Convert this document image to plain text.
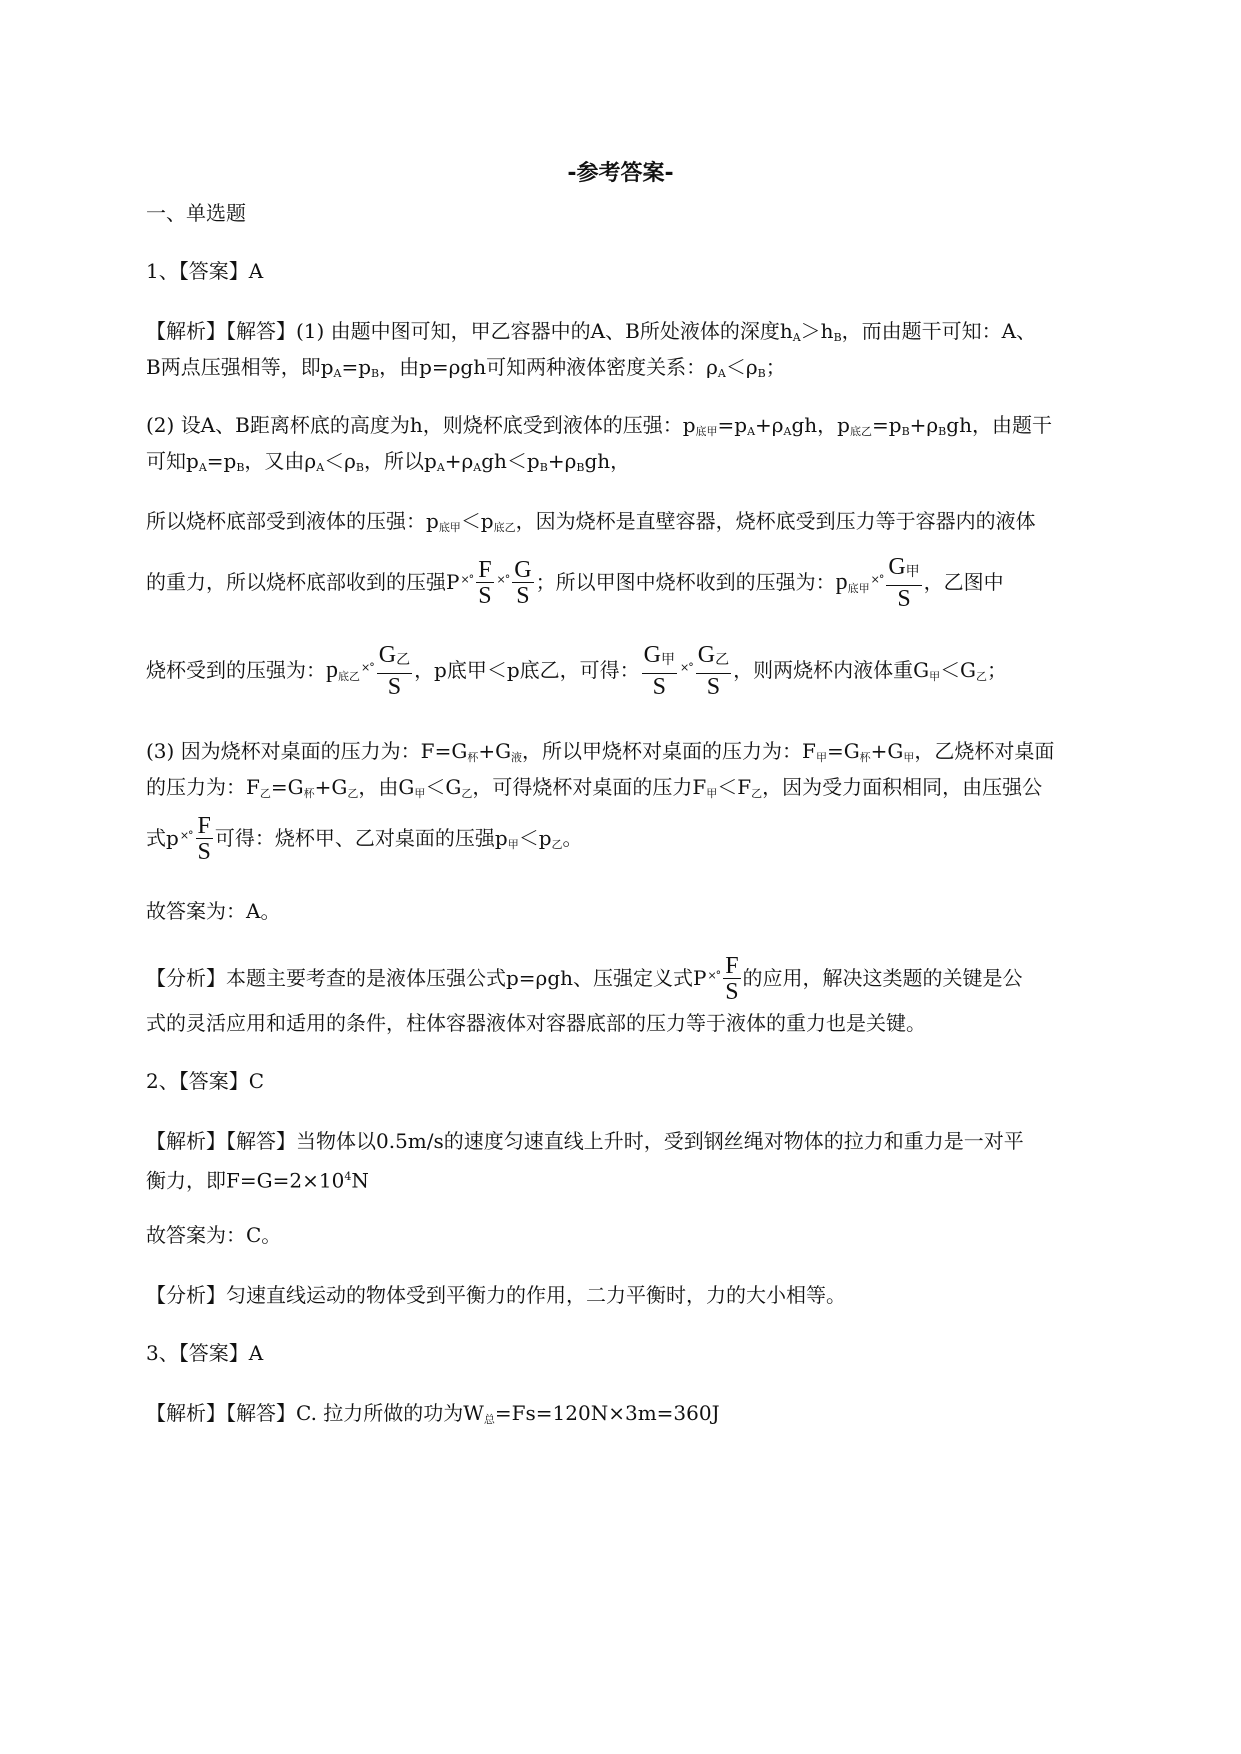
-参考答案-
一、单选题
1、【答案】A
【解析】【解答】(1) 由题中图可知，甲乙容器中的A、B所处液体的深度$h_A>h_B$，而由题干可知：A、
B两点压强相等，即$p_A=p_B$，由p=ρgh可知两种液体密度关系：$\rho_A<\rho_B$；
(2) 设A、B距离杯底的高度为h，则烧杯底受到液体的压强：$p_{底甲}=p_A+\rho_Agh$，$p_{底乙}=p_B+\rho_Bgh$，由题干
可知$p_A=p_B$，又由$\rho_A<\rho_B$，所以$p_A+\rho_Agh<p_B+\rho_Bgh$，
所以烧杯底部受到液体的压强：$p_{底甲}<p_{底乙}$，因为烧杯是直壁容器，烧杯底受到压力等于容器内的液体
的重力，所以烧杯底部收到的压强$P\times^\circ \frac{F}{S}$ ×° $\frac{G}{S}$ ；所以甲图中烧杯收到的压强为：$p_{底甲}\times^\circ \frac{G_甲}{S}$ ，乙图中
烧杯受到的压强为：$p_{底乙}\times^\circ \frac{G_乙}{S}$ ，p底甲＜p底乙，可得： $\frac{G_甲}{S}$ ×° $\frac{G_乙}{S}$ ，则两烧杯内液体重$G_甲<G_乙$；
(3) 因为烧杯对桌面的压力为：$F=G_杯+G_液$，所以甲烧杯对桌面的压力为：$F_甲=G_杯+G_甲$，乙烧杯对桌面
的压力为：$F_乙=G_杯+G_乙$，由$G_甲<G_乙$，可得烧杯对桌面的压力$F_甲<F_乙$，因为受力面积相同，由压强公
式$p\times^\circ \frac{F}{S}$ 可得：烧杯甲、乙对桌面的压强$p_甲<p_乙$。
故答案为：A。
【分析】本题主要考查的是液体压强公式p=ρgh、压强定义式$P\times^\circ \frac{F}{S}$ 的应用，解决这类题的关键是公
式的灵活应用和适用的条件，柱体容器液体对容器底部的压力等于液体的重力也是关键。
2、【答案】C
【解析】【解答】当物体以0.5m/s的速度匀速直线上升时，受到钢丝绳对物体的拉力和重力是一对平
衡力，即$F=G=2\times 10^4N$
故答案为：C。
【分析】匀速直线运动的物体受到平衡力的作用，二力平衡时，力的大小相等。
3、【答案】A
【解析】【解答】C. 拉力所做的功为$W_总=Fs=120N\times 3m=360J$
